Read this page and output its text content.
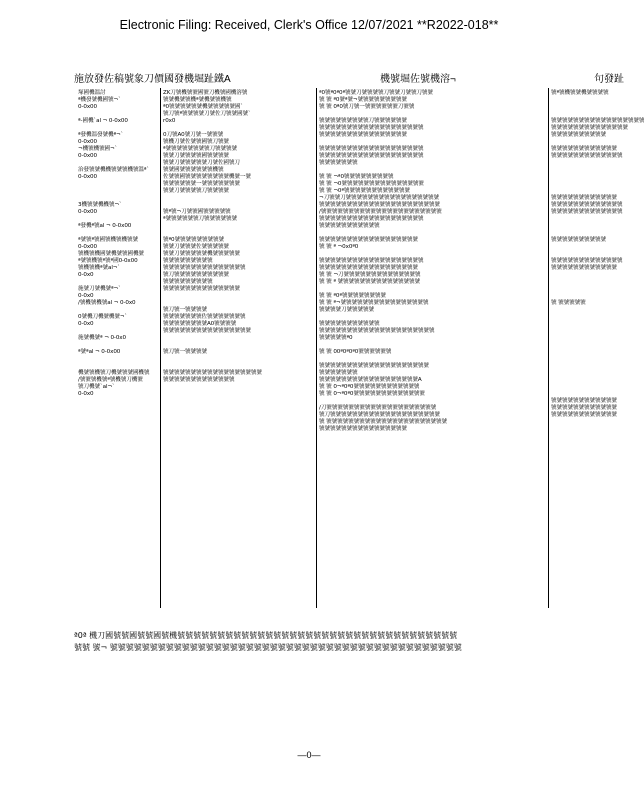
Electronic Filing: Received, Clerk's Office 12/07/2021 **R2022-018**
施放發佐稿號象刀價國發機堀趾鐵A	機號堀佐號機溶¬	句發趾
塚國機溫討
ª機發號機國號¬`
0-0x00

ª-國機`al ¬ 0-0x00

ª發機溫發號機ª¬`
0-0x00
¬機號機號國¬`
0-0x00

治發號號機機號號號機號溫ª`
0-0x00

3機號號機機號¬`
0-0x00

ª發機ª號al ¬ 0-0x00

ª號號ª號國號機號機號號
0-0x00
號機號機國號機號號國機號
ª號號機號ª號ª國0-0x00
號機號機ª號al¬`
0-0x0

施號刀號機號ª¬`
0-0x0
/號機號機號al ¬ 0-0x0

0號機刀機號機號¬`
0-0x0

施號機號ª ¬ 0-0x0

ª號ªal ¬ 0-0x00

機號號機號刀機號號號國機號
/號號號機號ª號機號刀機號
號刀機號`al¬`
0-0x0
ZK刀號機號號國號刀機號國機溶號
號號機號號機ª號機號號機號
ª0號號號號號號機號號號號號國`
號刀號ª號號號號刀號佐刀號號國號`
r0x0

0刀號A0號刀號一號號號
號機刀號佐號號國號刀號號
ª號號號號號號號號刀號號號號
號號刀號號號號國號號號號
號號刀號號號號號刀號佐國號刀
號號國號號號號號號機號
佐號號國號號號號號號號號機號一號
號號號號號號一號號號號號號號
號號刀號號號號刀號號號號

號ª號¬刀號號國號號號號號
ª號號號號號號刀號號號號號號

號ª0號號號號號號號號號
號號刀號號號佐號號號號號
號號刀號號號號號機號號號號號
號號號號號號號號號
號號號號號號號號號號號號號號號
號刀號號號號號號號號號號
號號號號號號號號號
號號號號號號號號號號號號號號

號刀號一號號號號
號號號號號號號佐號號號號號號號
號號號號號號號號A0號號號號
號號號號號號號號號號號號號號號號

號刀號一號號號號

號號號號號號號號號號號號號號號號號號
號號號號號號號號號號號號號
ª0號ª0ª0ª號號刀號號號號刀號號刀號號刀號號
號 號 ª0號ª號¬號號號號號號號號號
號 號 0ª0號刀號一號號號號號號刀號號

號號號號號號號號號刀號號號號號號
號號號號號號號號號號號號號號號號號號號
號號號號號號號號號號號號號號號號

號號號號號號號號號號號號號號號號號號號
號號號號號號號號號號號號號號號號號號號
號號號號號號號

號 號 ¬ª0號號號號號號號號號
號 號 ¬0號號號號號號號號號號號號號號號
號 號 ¬0ª號號號號號號號號號號號號
¬刀號號刀號號號號號號號號號號號號號號號號號
號號號號號號號號號號號號號號號號號號號號號號
/號號號號號號號號號號號號號號號號號號號號號號
號號號號號號號號號號號號號號號號號號號
號號號號號號號號號號號

號號號號號號號號號號號號號號號號號號
號 號 ª ¬0x0ª0

號號號號號號號號號號號號號號號號號號號
號號號號號號號號號號號號號號號號號號
號 號 ¬刀號號號號號號號號號號號號號號
號 號 ª 號號號號號號號號號號號號號號號

號 號 ª0ª號號號號號號號號
號 號 ª¬號號號號號號號號號號號號號號號號
號號號號刀號號號號號

號號號號號號號號號號號
號號號號號號號號號號號號號號號號號號號號號
號號號號號ª0

號 號 00ª0ª0ª0號號號號號號

號號號號號號號號號號號號號號號號號號號號
號號號號號號號
號號號號號號號號號號號號號號號號號號A
號 號 0¬ª0ª0號號號號號號號號號號號號
號 號 0¬ª0ª0號號號號號號號號號號號號號

/刀號號號號號號號號號號號號號號號號號號號號
號刀號號號號號號號號號號號號號號號號號號號號
號 號號號號號號號號號號號號號號號號號號號號號號
號號號號號號號號號號號號號號號號
號ª號機號號機號號號號

號號號號號號號號號號號號號號號號號
號號號號號號號號號號號號號號
號號號號號號號號號號

號號號號號號號號號號號號
號號號號號號號號號號號號號

號號號號號號號號號號號號
號號號號號號號號號號號號號
號號號號號號號號號號號號號

號號號號號號號號號號

號號號號號號號號號號號號號
號號號號號號號號號號號號

號 號號號號號

號號號號號號號號號號號號
號號號號號號號號號號號號
號號號號號號號號號號號號

ª0ª 機刀國號號國號號國號機號號號號號號號號號號號號號號號號號號號號號號號號號號號號號號號號號號號
號號 號¬ 號號號號號號號號號號號號號號號號號號號號號號號號號號號號號號號號號號號號號號號號號號號號
—0—
